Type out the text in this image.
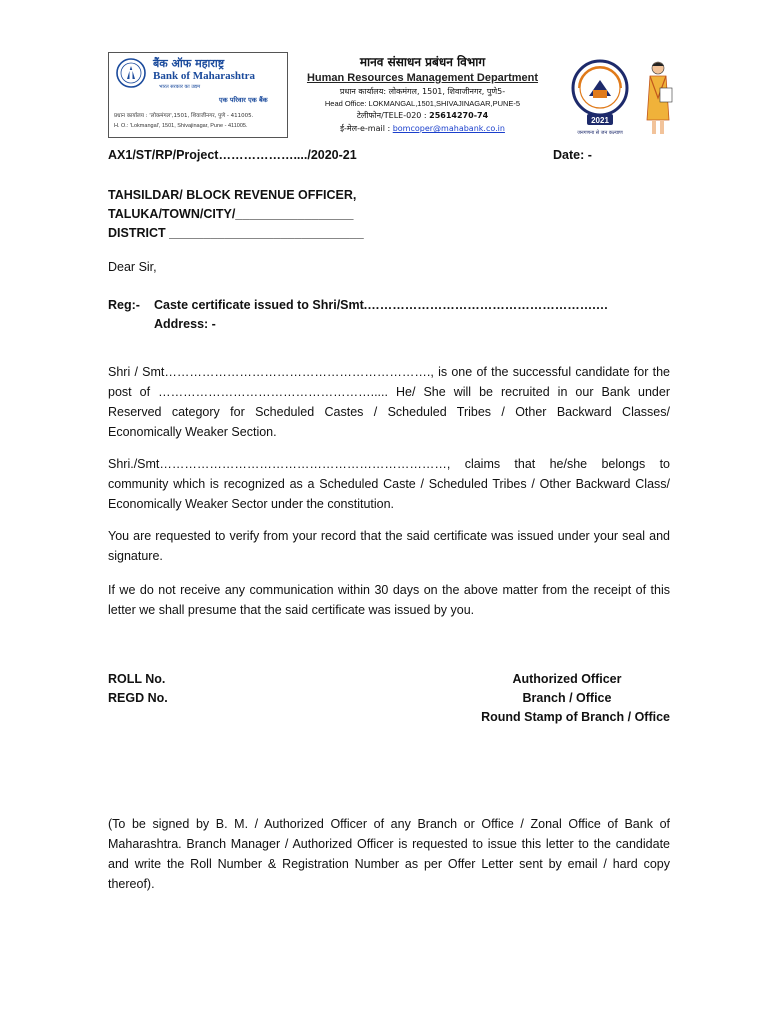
बैंक ऑफ महाराष्ट्र
Bank of Maharashtra
भारत सरकार का उद्यम
एक परिवार एक बैंक
प्रधान कार्यालय : 'लोकमंगल',1501, शिवाजीनगर, पुणे - 411005.
H. O.: 'Lokmangal', 1501, Shivajinagar, Pune - 411005.
मानव संसाधन प्रबंधन विभाग
Human Resources Management Department
प्रधान कार्यालय: लोकमंगल, 1501, शिवाजीनगर, पुणे5-
Head Office: LOKMANGAL,1501,SHIVAJINAGAR,PUNE-5
टेलीफोन/TELE-020 : 25614270-74
ई-मेल-e-mail : bomcoper@mahabank.co.in
2021
जनगणना से जन कल्याण
AX1/ST/RP/Project………………..../2020-21	Date: -
TAHSILDAR/ BLOCK REVENUE OFFICER,
TALUKA/TOWN/CITY/_________________
DISTRICT ____________________________
Dear Sir,
Reg:- Caste certificate issued to Shri/Smt.……………………………………………….…
Address: -
Shri / Smt………………………………………………………., is one of the successful candidate for the post of ……………………………………………..... He/ She will be recruited in our Bank under Reserved category for Scheduled Castes / Scheduled Tribes / Other Backward Classes/ Economically Weaker Section.
Shri./Smt……………………………………………………………, claims that he/she belongs to community which is recognized as a Scheduled Caste / Scheduled Tribes / Other Backward Class/ Economically Weaker Sector under the constitution.
You are requested to verify from your record that the said certificate was issued under your seal and signature.
If we do not receive any communication within 30 days on the above matter from the receipt of this letter we shall presume that the said certificate was issued by you.
ROLL No.
REGD No.
Authorized Officer
Branch / Office
Round Stamp of Branch / Office
(To be signed by B. M. / Authorized Officer of any Branch or Office / Zonal Office of Bank of Maharashtra. Branch Manager / Authorized Officer is requested to issue this letter to the candidate and write the Roll Number & Registration Number as per Offer Letter sent by email / hard copy thereof).
